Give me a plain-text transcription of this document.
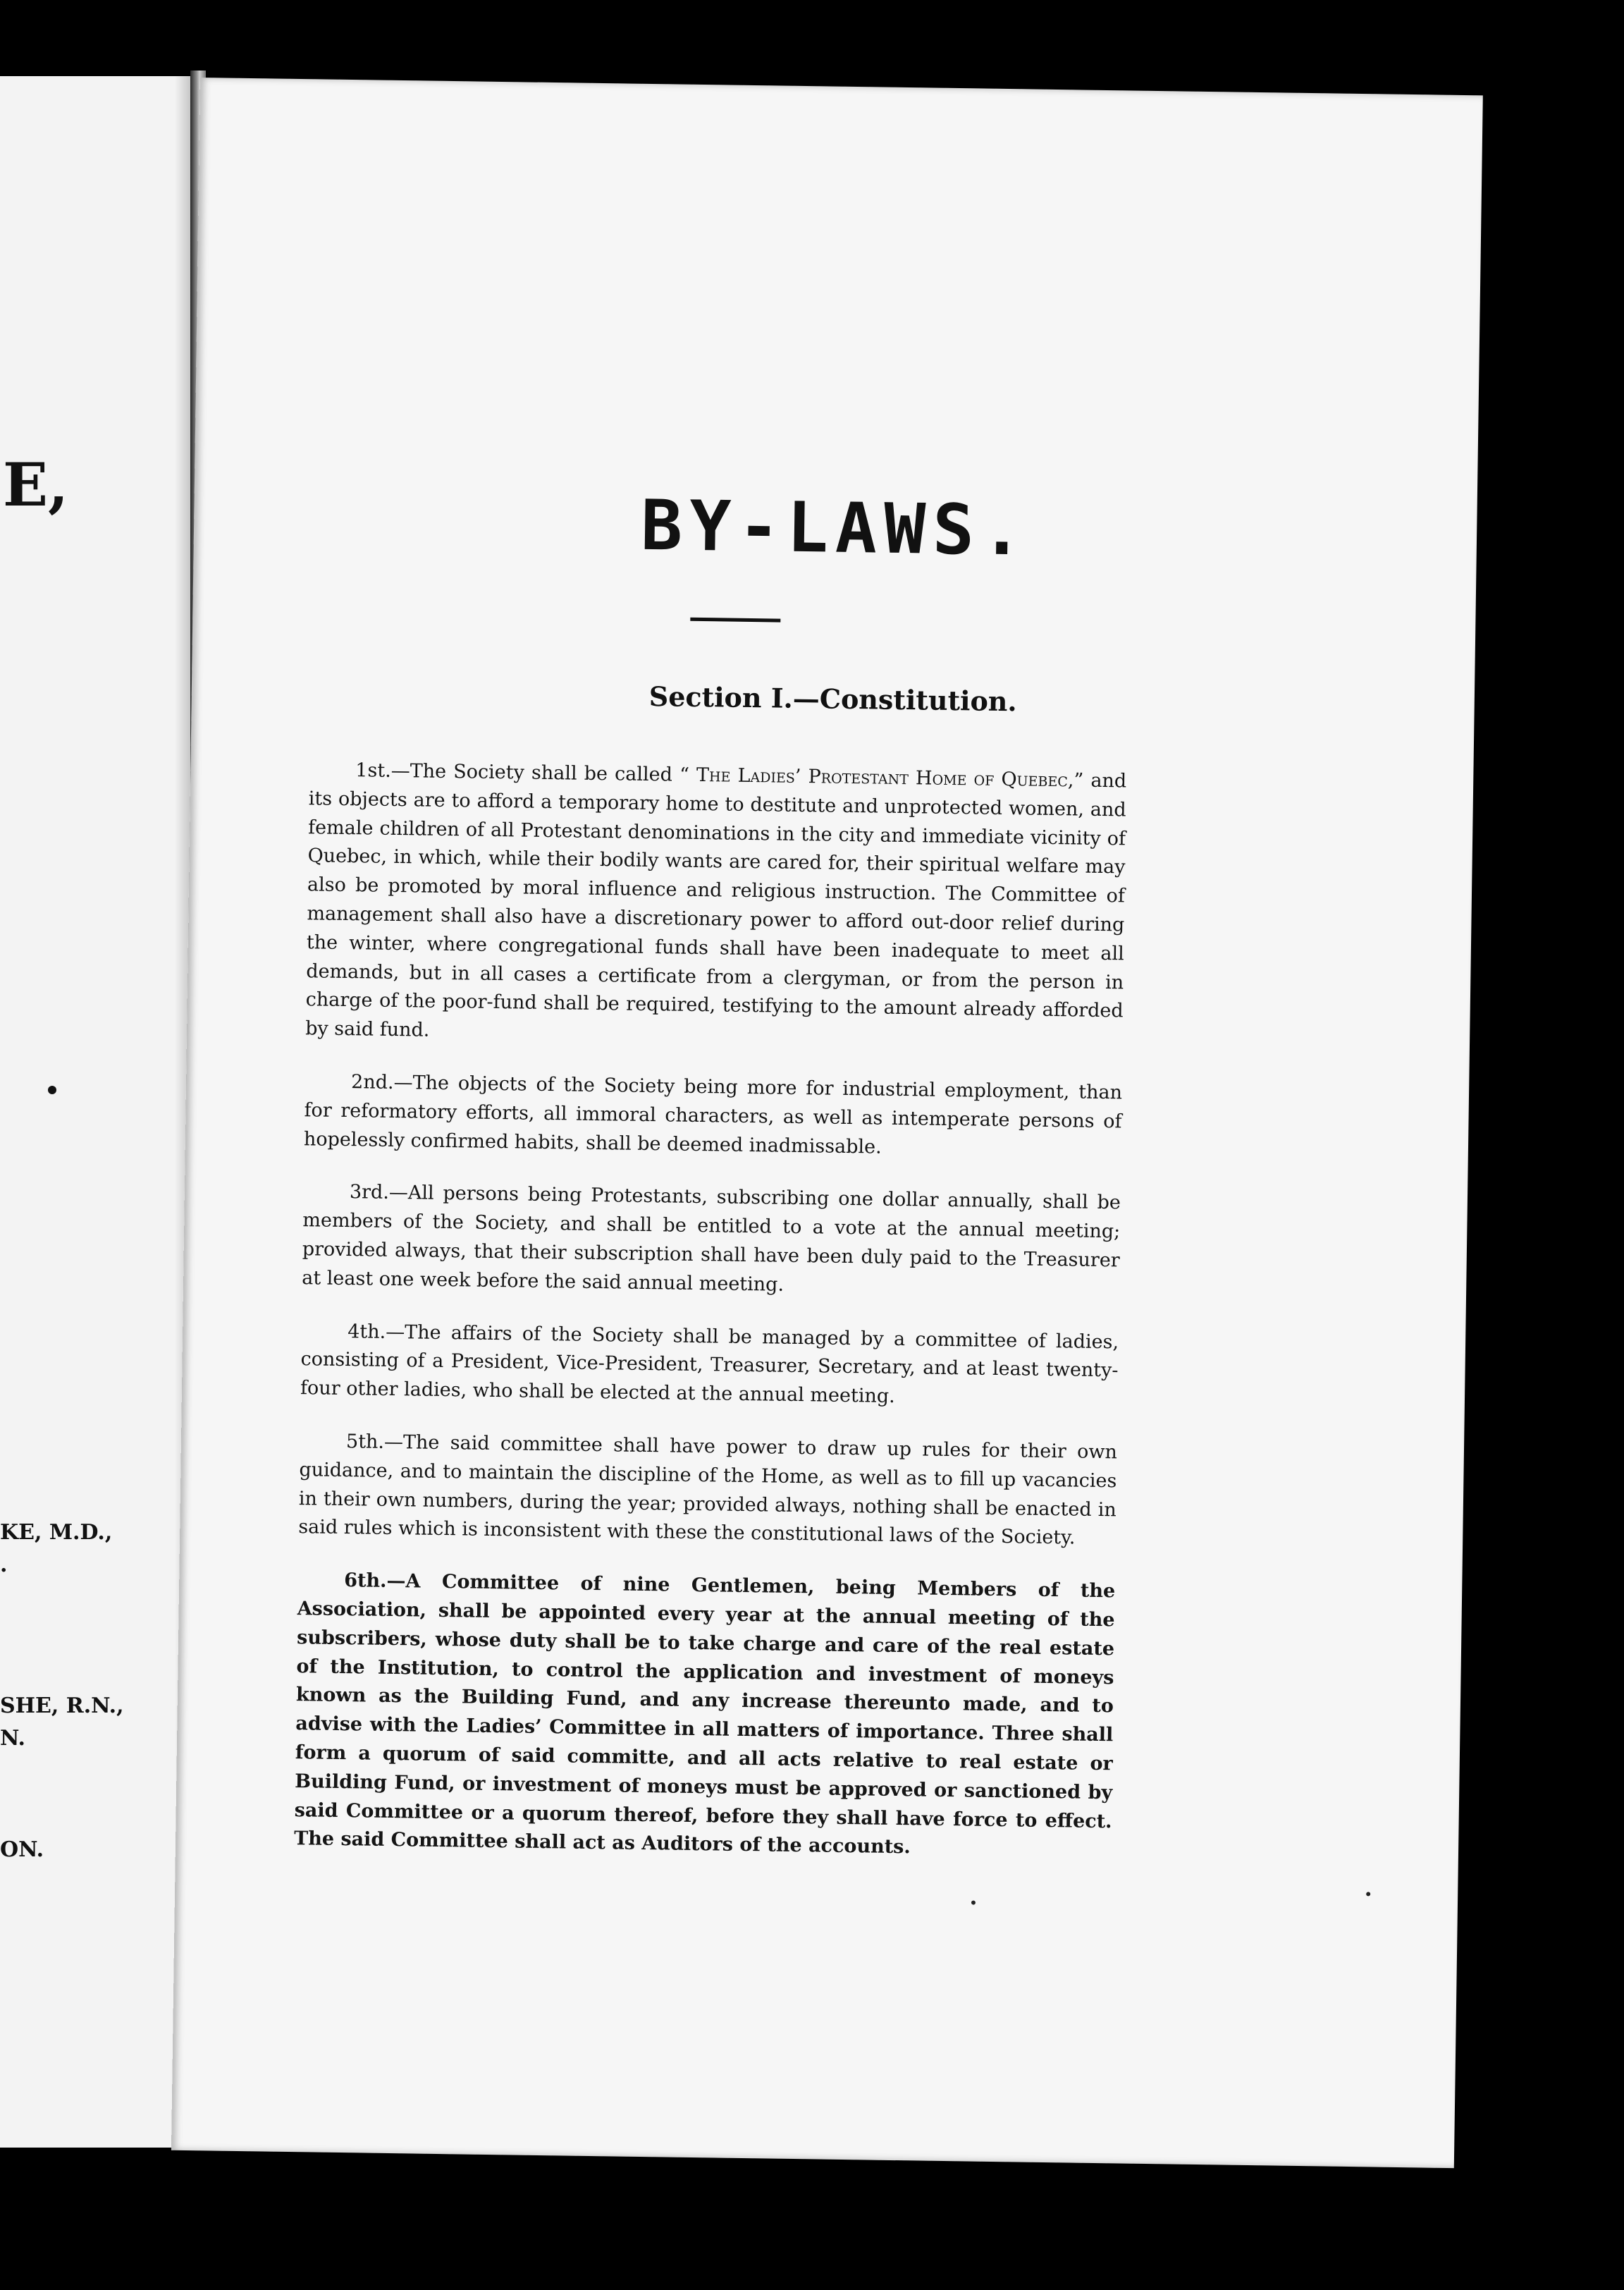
E,
KE, M.D.,
.
SHE, R.N.,
N.
ON.
BY-LAWS.
Section I.—Constitution.

1st.—The Society shall be called “ The Ladies’ Protestant Home of Quebec,” and its objects are to afford a temporary home to destitute and unprotected women, and female children of all Protestant denominations in the city and immediate vicinity of Quebec, in which, while their bodily wants are cared for, their spiritual welfare may also be promoted by moral influence and religious instruction. The Committee of management shall also have a discretionary power to afford out-door relief during the winter, where congregational funds shall have been inadequate to meet all demands, but in all cases a certificate from a clergyman, or from the person in charge of the poor-fund shall be required, testifying to the amount already afforded by said fund.

2nd.—The objects of the Society being more for industrial employment, than for reformatory efforts, all immoral characters, as well as intemperate persons of hopelessly confirmed habits, shall be deemed inadmissable.

3rd.—All persons being Protestants, subscribing one dollar annually, shall be members of the Society, and shall be entitled to a vote at the annual meeting; provided always, that their subscription shall have been duly paid to the Treasurer at least one week before the said annual meeting.

4th.—The affairs of the Society shall be managed by a committee of ladies, consisting of a President, Vice-President, Treasurer, Secretary, and at least twenty-four other ladies, who shall be elected at the annual meeting.

5th.—The said committee shall have power to draw up rules for their own guidance, and to maintain the discipline of the Home, as well as to fill up vacancies in their own numbers, during the year; provided always, nothing shall be enacted in said rules which is inconsistent with these the constitutional laws of the Society.

6th.—A Committee of nine Gentlemen, being Members of the Association, shall be appointed every year at the annual meeting of the subscribers, whose duty shall be to take charge and care of the real estate of the Institution, to control the application and investment of moneys known as the Building Fund, and any increase thereunto made, and to advise with the Ladies’ Committee in all matters of importance. Three shall form a quorum of said committe, and all acts relative to real estate or Building Fund, or investment of moneys must be approved or sanctioned by said Committee or a quorum thereof, before they shall have force to effect. The said Committee shall act as Auditors of the accounts.
